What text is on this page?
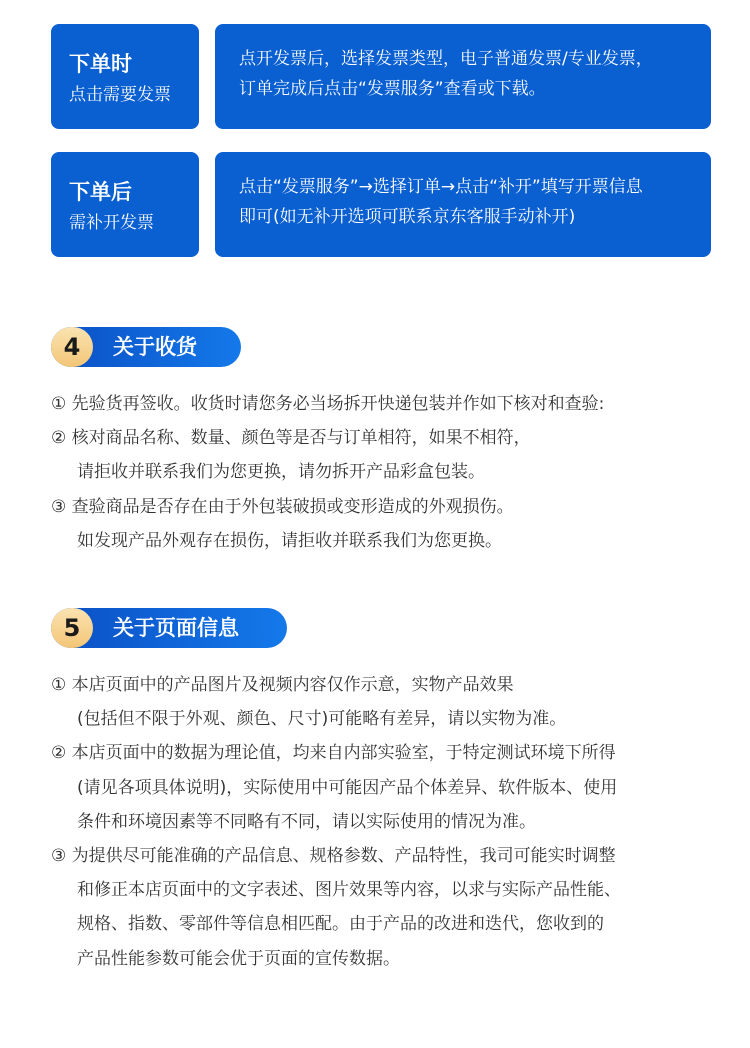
下单时
点击需要发票
点开发票后，选择发票类型，电子普通发票/专业发票，
订单完成后点击“发票服务”查看或下载。
下单后
需补开发票
点击“发票服务”→选择订单→点击“补开”填写开票信息
即可(如无补开选项可联系京东客服手动补开)
4	关于收货
① 先验货再签收。收货时请您务必当场拆开快递包装并作如下核对和查验:
② 核对商品名称、数量、颜色等是否与订单相符，如果不相符，
请拒收并联系我们为您更换，请勿拆开产品彩盒包装。
③ 查验商品是否存在由于外包装破损或变形造成的外观损伤。
如发现产品外观存在损伤，请拒收并联系我们为您更换。
5	关于页面信息
① 本店页面中的产品图片及视频内容仅作示意，实物产品效果
(包括但不限于外观、颜色、尺寸)可能略有差异，请以实物为准。
② 本店页面中的数据为理论值，均来自内部实验室，于特定测试环境下所得
(请见各项具体说明)，实际使用中可能因产品个体差异、软件版本、使用
条件和环境因素等不同略有不同，请以实际使用的情况为准。
③ 为提供尽可能准确的产品信息、规格参数、产品特性，我司可能实时调整
和修正本店页面中的文字表述、图片效果等内容，以求与实际产品性能、
规格、指数、零部件等信息相匹配。由于产品的改进和迭代，您收到的
产品性能参数可能会优于页面的宣传数据。
